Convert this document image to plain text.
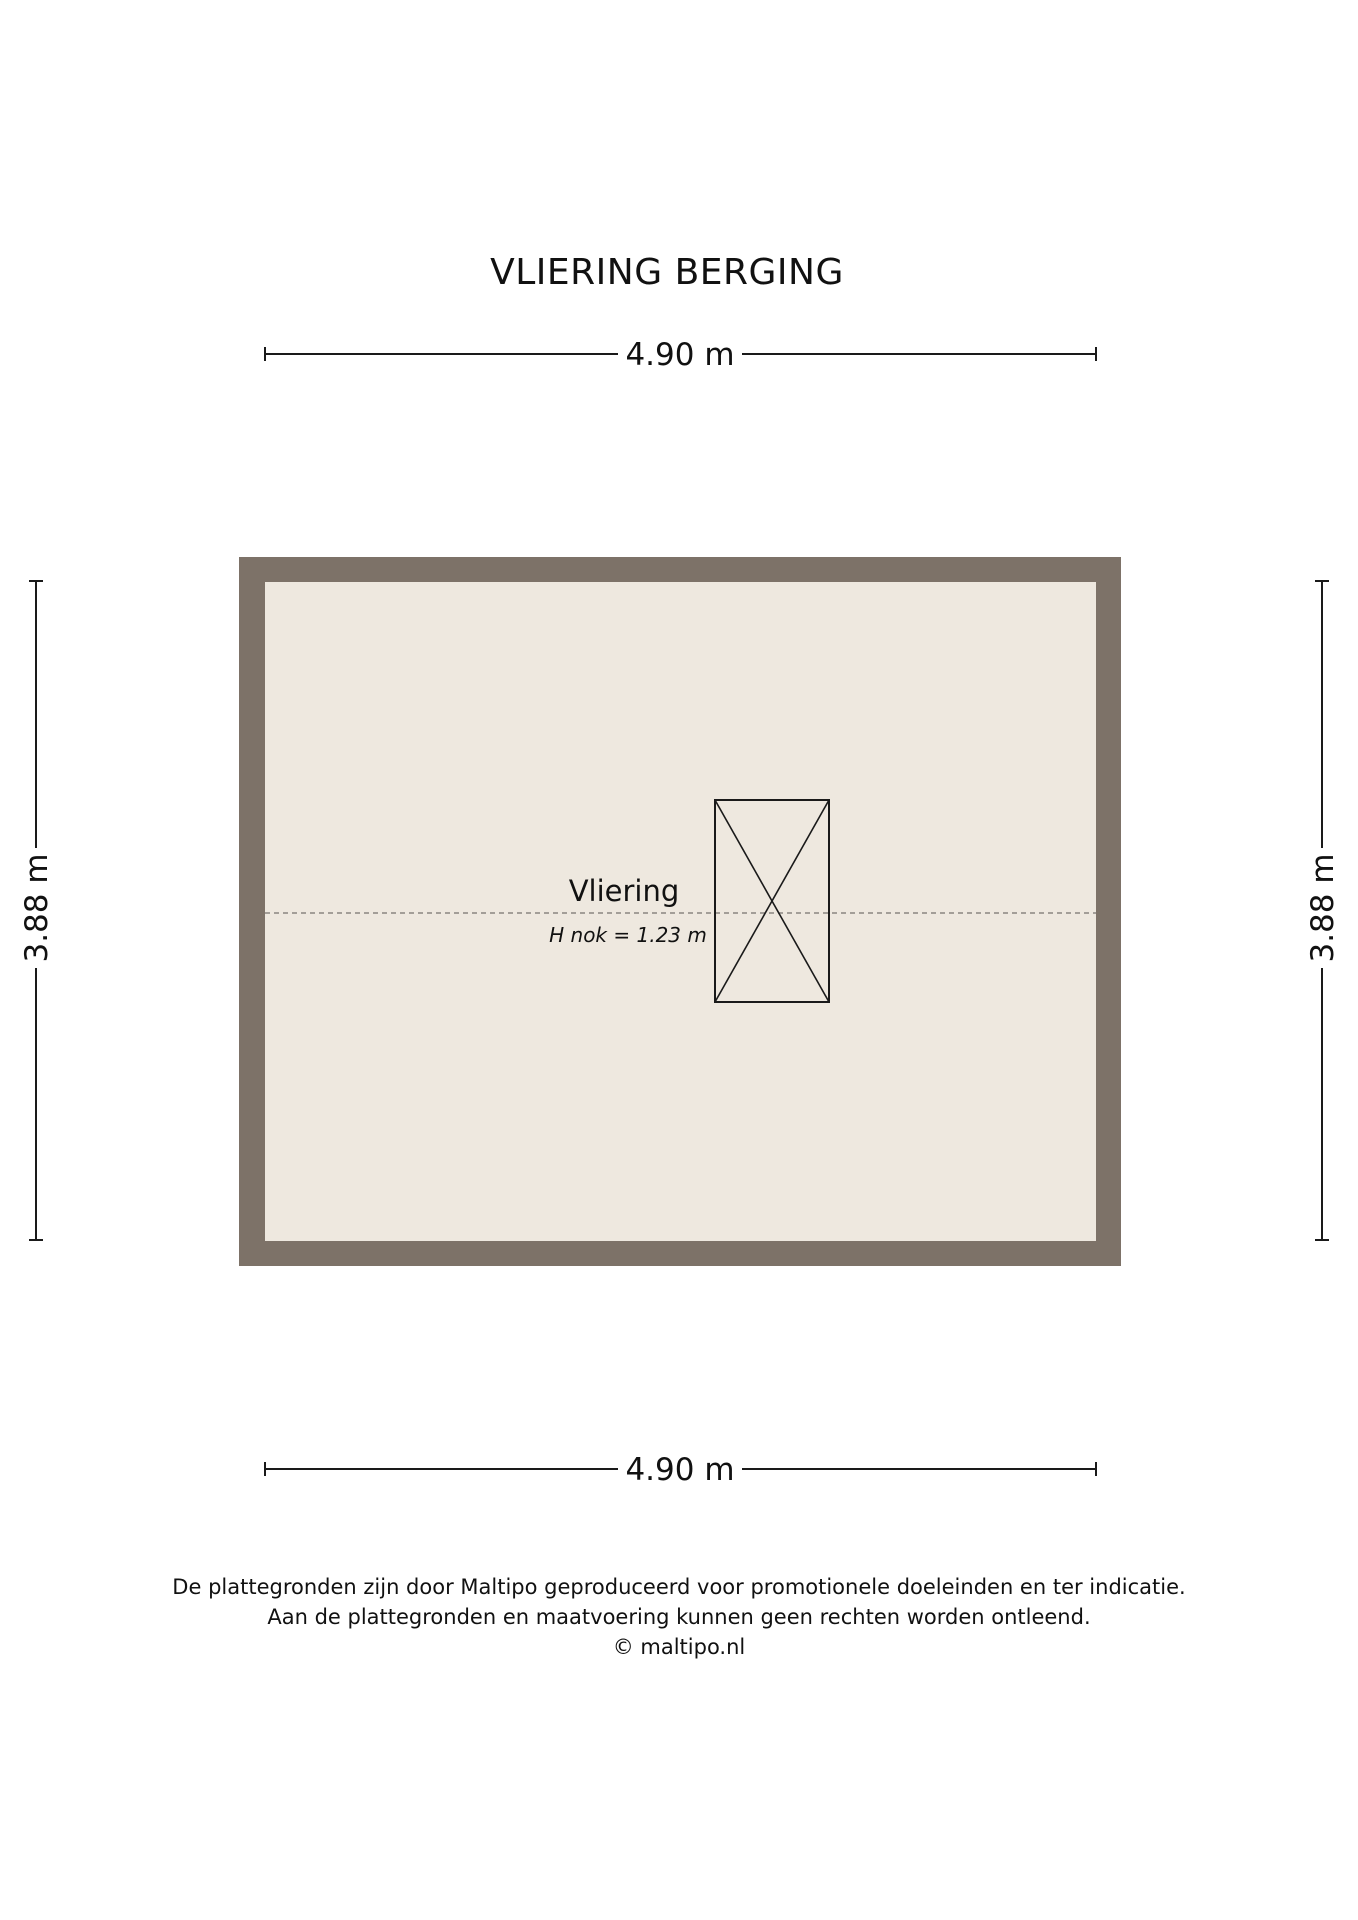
VLIERING BERGING
4.90 m
4.90 m
3.88 m	3.88 m
Vliering
H nok = 1.23 m
De plattegronden zijn door Maltipo geproduceerd voor promotionele doeleinden en ter indicatie.
Aan de plattegronden en maatvoering kunnen geen rechten worden ontleend.
© maltipo.nl
